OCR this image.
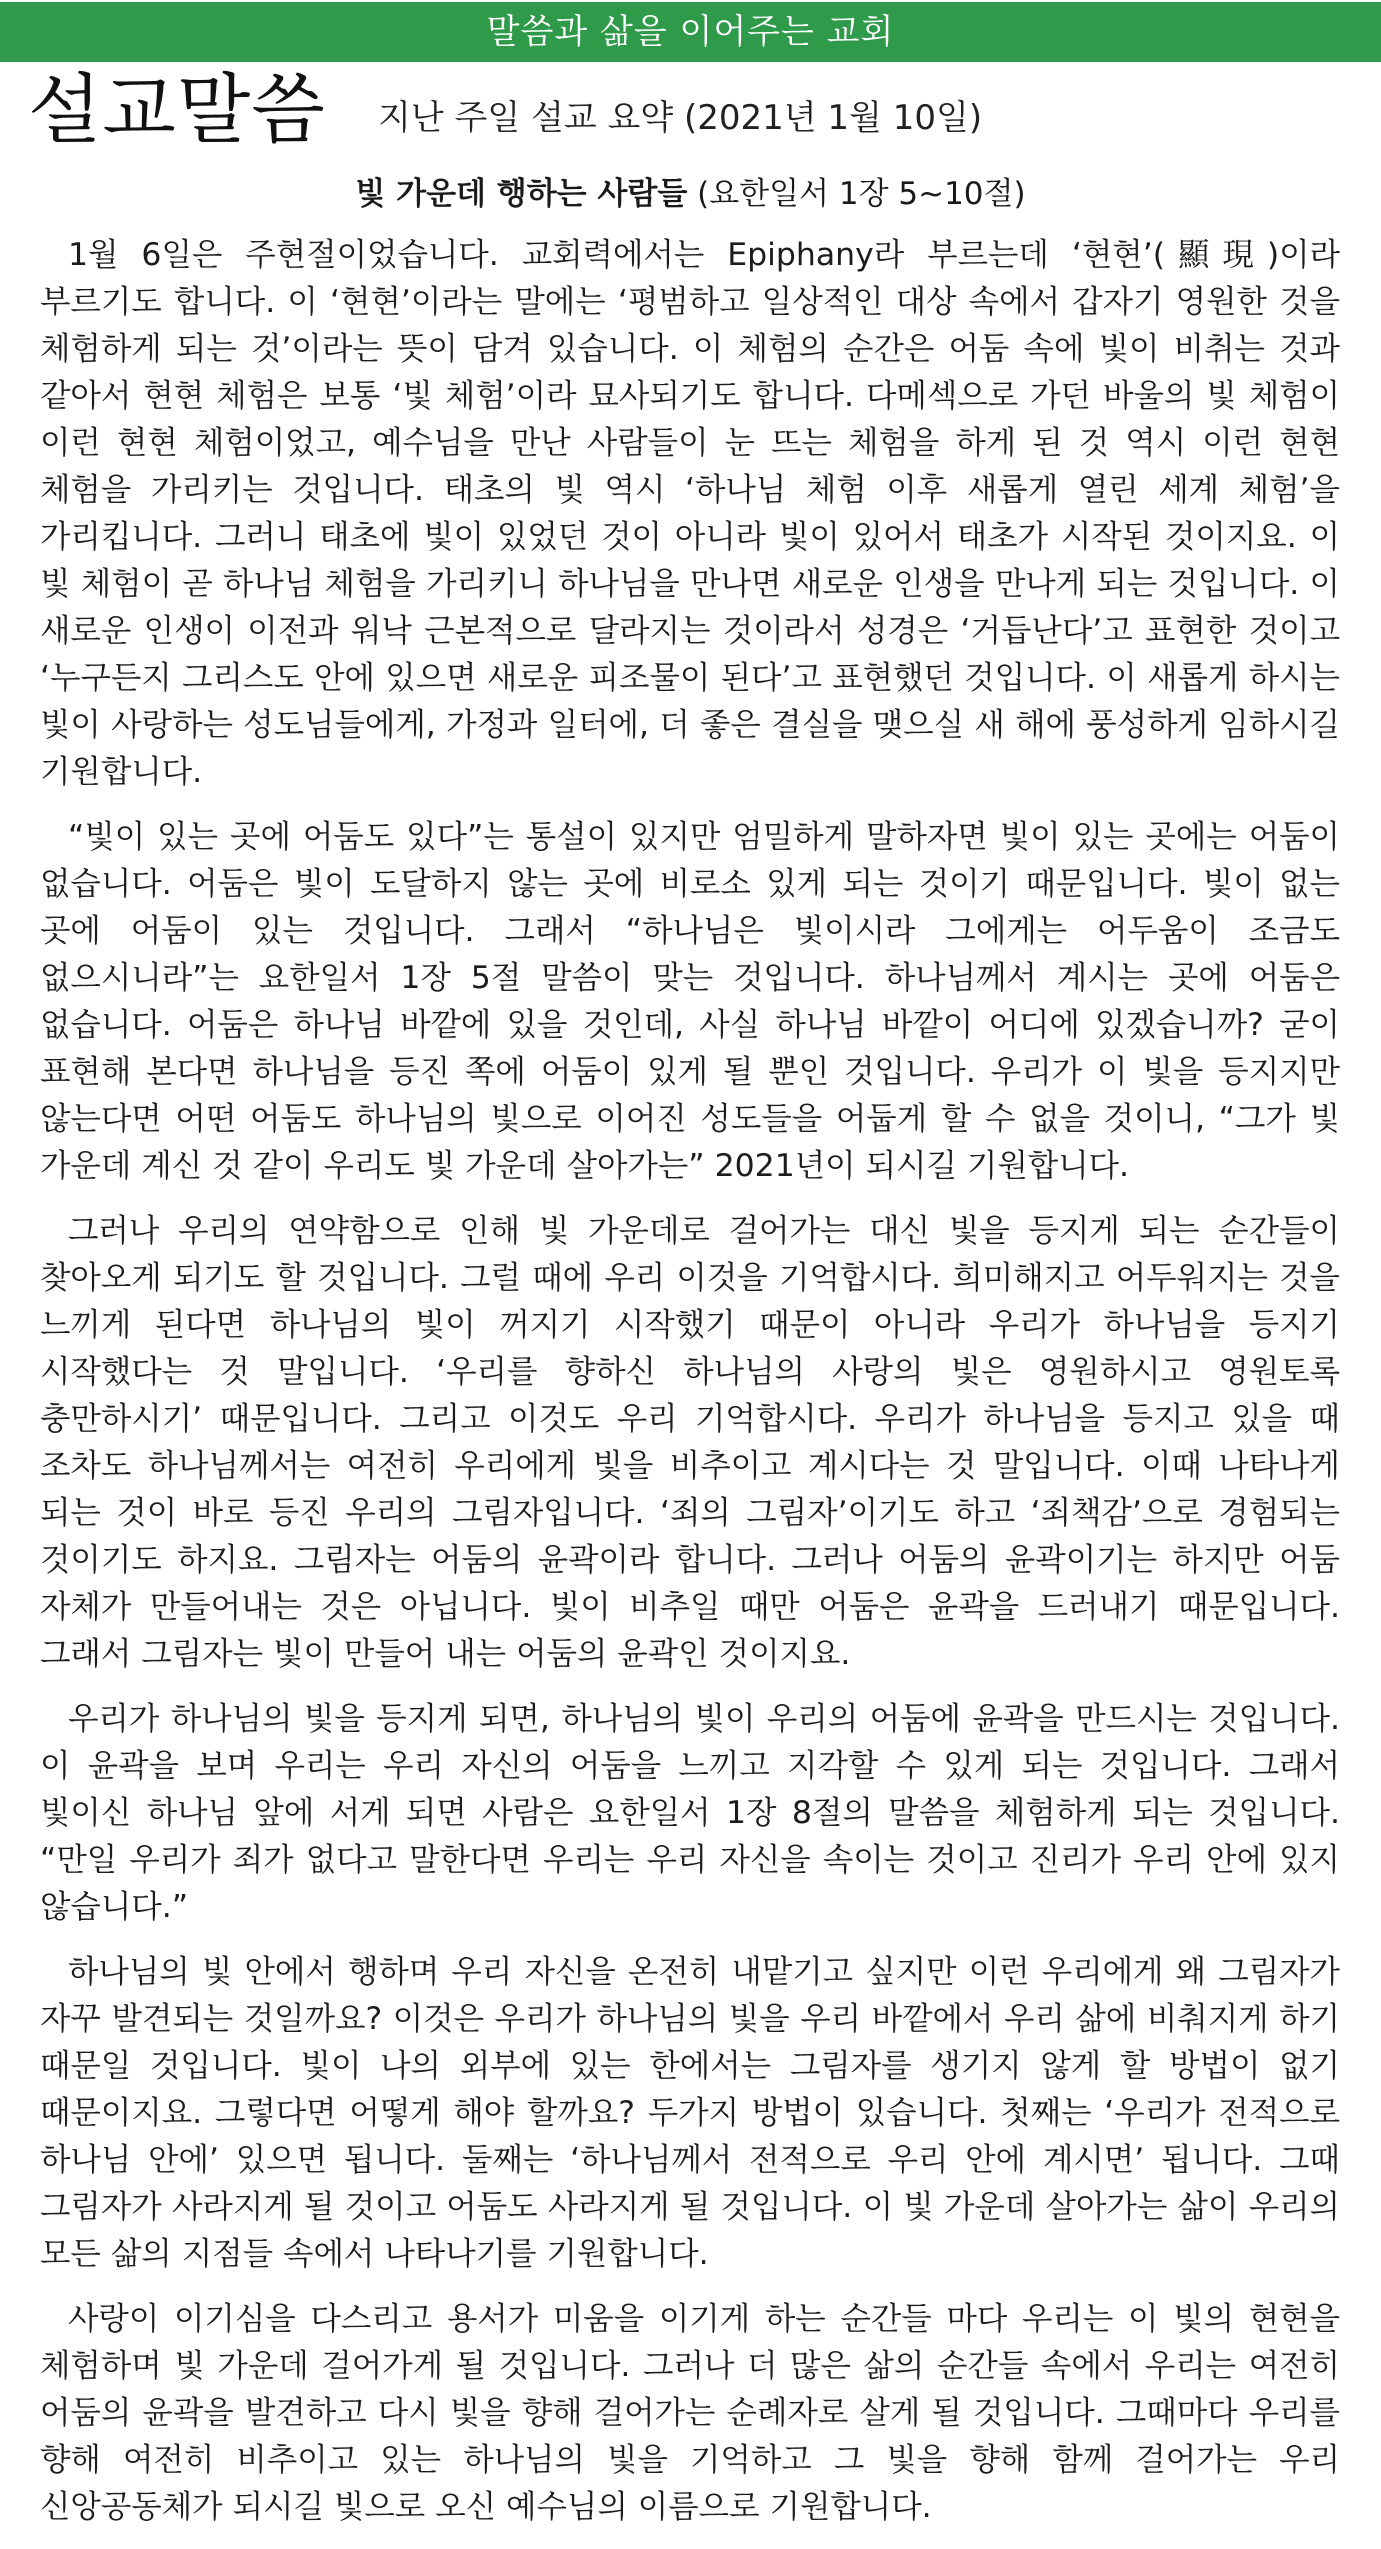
말씀과 삶을 이어주는 교회
설교말씀 지난 주일 설교 요약 (2021년 1월 10일)
빛 가운데 행하는 사람들 (요한일서 1장 5~10절)

1월 6일은 주현절이었습니다. 교회력에서는 Epiphany라 부르는데 ‘현현’(顯現)이라 부르기도 합니다. 이 ‘현현’이라는 말에는 ‘평범하고 일상적인 대상 속에서 갑자기 영원한 것을 체험하게 되는 것’이라는 뜻이 담겨 있습니다. 이 체험의 순간은 어둠 속에 빛이 비취는 것과 같아서 현현 체험은 보통 ‘빛 체험’이라 묘사되기도 합니다. 다메섹으로 가던 바울의 빛 체험이 이런 현현 체험이었고, 예수님을 만난 사람들이 눈 뜨는 체험을 하게 된 것 역시 이런 현현 체험을 가리키는 것입니다. 태초의 빛 역시 ‘하나님 체험 이후 새롭게 열린 세계 체험’을 가리킵니다. 그러니 태초에 빛이 있었던 것이 아니라 빛이 있어서 태초가 시작된 것이지요. 이 빛 체험이 곧 하나님 체험을 가리키니 하나님을 만나면 새로운 인생을 만나게 되는 것입니다. 이 새로운 인생이 이전과 워낙 근본적으로 달라지는 것이라서 성경은 ‘거듭난다’고 표현한 것이고 ‘누구든지 그리스도 안에 있으면 새로운 피조물이 된다’고 표현했던 것입니다. 이 새롭게 하시는 빛이 사랑하는 성도님들에게, 가정과 일터에, 더 좋은 결실을 맺으실 새 해에 풍성하게 임하시길 기원합니다.

“빛이 있는 곳에 어둠도 있다”는 통설이 있지만 엄밀하게 말하자면 빛이 있는 곳에는 어둠이 없습니다. 어둠은 빛이 도달하지 않는 곳에 비로소 있게 되는 것이기 때문입니다. 빛이 없는 곳에 어둠이 있는 것입니다. 그래서 “하나님은 빛이시라 그에게는 어두움이 조금도 없으시니라”는 요한일서 1장 5절 말씀이 맞는 것입니다. 하나님께서 계시는 곳에 어둠은 없습니다. 어둠은 하나님 바깥에 있을 것인데, 사실 하나님 바깥이 어디에 있겠습니까? 굳이 표현해 본다면 하나님을 등진 쪽에 어둠이 있게 될 뿐인 것입니다. 우리가 이 빛을 등지지만 않는다면 어떤 어둠도 하나님의 빛으로 이어진 성도들을 어둡게 할 수 없을 것이니, “그가 빛 가운데 계신 것 같이 우리도 빛 가운데 살아가는” 2021년이 되시길 기원합니다.

그러나 우리의 연약함으로 인해 빛 가운데로 걸어가는 대신 빛을 등지게 되는 순간들이 찾아오게 되기도 할 것입니다. 그럴 때에 우리 이것을 기억합시다. 희미해지고 어두워지는 것을 느끼게 된다면 하나님의 빛이 꺼지기 시작했기 때문이 아니라 우리가 하나님을 등지기 시작했다는 것 말입니다. ‘우리를 향하신 하나님의 사랑의 빛은 영원하시고 영원토록 충만하시기’ 때문입니다. 그리고 이것도 우리 기억합시다. 우리가 하나님을 등지고 있을 때 조차도 하나님께서는 여전히 우리에게 빛을 비추이고 계시다는 것 말입니다. 이때 나타나게 되는 것이 바로 등진 우리의 그림자입니다. ‘죄의 그림자’이기도 하고 ‘죄책감’으로 경험되는 것이기도 하지요. 그림자는 어둠의 윤곽이라 합니다. 그러나 어둠의 윤곽이기는 하지만 어둠 자체가 만들어내는 것은 아닙니다. 빛이 비추일 때만 어둠은 윤곽을 드러내기 때문입니다. 그래서 그림자는 빛이 만들어 내는 어둠의 윤곽인 것이지요.

우리가 하나님의 빛을 등지게 되면, 하나님의 빛이 우리의 어둠에 윤곽을 만드시는 것입니다. 이 윤곽을 보며 우리는 우리 자신의 어둠을 느끼고 지각할 수 있게 되는 것입니다. 그래서 빛이신 하나님 앞에 서게 되면 사람은 요한일서 1장 8절의 말씀을 체험하게 되는 것입니다. “만일 우리가 죄가 없다고 말한다면 우리는 우리 자신을 속이는 것이고 진리가 우리 안에 있지 않습니다.”

하나님의 빛 안에서 행하며 우리 자신을 온전히 내맡기고 싶지만 이런 우리에게 왜 그림자가 자꾸 발견되는 것일까요? 이것은 우리가 하나님의 빛을 우리 바깥에서 우리 삶에 비춰지게 하기 때문일 것입니다. 빛이 나의 외부에 있는 한에서는 그림자를 생기지 않게 할 방법이 없기 때문이지요. 그렇다면 어떻게 해야 할까요? 두가지 방법이 있습니다. 첫째는 ‘우리가 전적으로 하나님 안에’ 있으면 됩니다. 둘째는 ‘하나님께서 전적으로 우리 안에 계시면’ 됩니다. 그때 그림자가 사라지게 될 것이고 어둠도 사라지게 될 것입니다. 이 빛 가운데 살아가는 삶이 우리의 모든 삶의 지점들 속에서 나타나기를 기원합니다.

사랑이 이기심을 다스리고 용서가 미움을 이기게 하는 순간들 마다 우리는 이 빛의 현현을 체험하며 빛 가운데 걸어가게 될 것입니다. 그러나 더 많은 삶의 순간들 속에서 우리는 여전히 어둠의 윤곽을 발견하고 다시 빛을 향해 걸어가는 순례자로 살게 될 것입니다. 그때마다 우리를 향해 여전히 비추이고 있는 하나님의 빛을 기억하고 그 빛을 향해 함께 걸어가는 우리 신앙공동체가 되시길 빛으로 오신 예수님의 이름으로 기원합니다.
